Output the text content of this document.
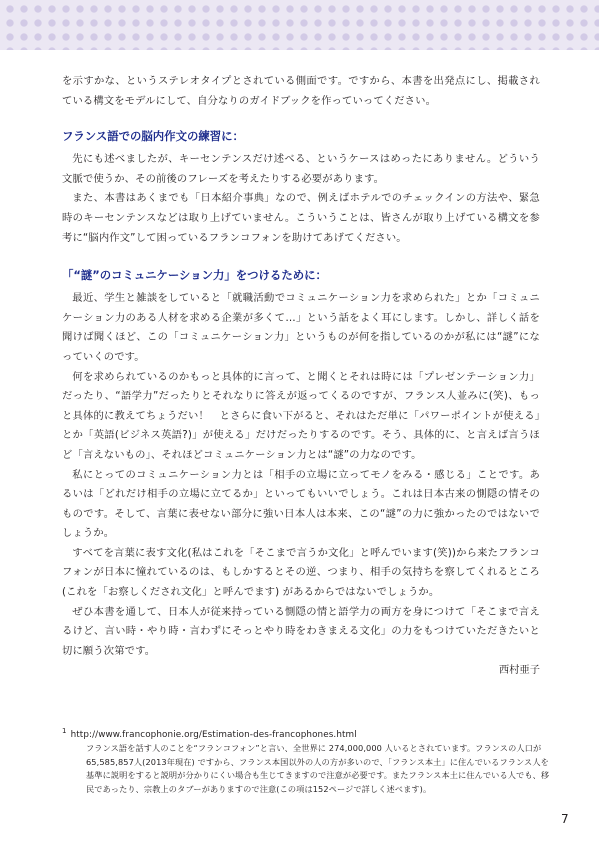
を示すかな、というステレオタイプとされている側面です。ですから、本書を出発点にし、掲載されている構文をモデルにして、自分なりのガイドブックを作っていってください。

フランス語での脳内作文の練習に：

先にも述べましたが、キーセンテンスだけ述べる、というケースはめったにありません。どういう文脈で使うか、その前後のフレーズを考えたりする必要があります。

また、本書はあくまでも「日本紹介事典」なので、例えばホテルでのチェックインの方法や、緊急時のキーセンテンスなどは取り上げていません。こういうことは、皆さんが取り上げている構文を参考に“脳内作文”して困っているフランコフォンを助けてあげてください。

「“謎”のコミュニケーション力」をつけるために：

最近、学生と雑談をしていると「就職活動でコミュニケーション力を求められた」とか「コミュニケーション力のある人材を求める企業が多くて…」という話をよく耳にします。しかし、詳しく話を聞けば聞くほど、この「コミュニケーション力」というものが何を指しているのかが私には“謎”になっていくのです。

何を求められているのかもっと具体的に言って、と聞くとそれは時には「プレゼンテーション力」だったり、“語学力”だったりとそれなりに答えが返ってくるのですが、フランス人並みに(笑)、もっと具体的に教えてちょうだい！　とさらに食い下がると、それはただ単に「パワーポイントが使える」とか「英語(ビジネス英語?)」が使える」だけだったりするのです。そう、具体的に、と言えば言うほど「言えないもの」、それほどコミュニケーション力とは“謎”の力なのです。

私にとってのコミュニケーション力とは「相手の立場に立ってモノをみる・感じる」ことです。あるいは「どれだけ相手の立場に立てるか」といってもいいでしょう。これは日本古来の惻隠の情そのものです。そして、言葉に表せない部分に強い日本人は本来、この“謎”の力に強かったのではないでしょうか。

すべてを言葉に表す文化(私はこれを「そこまで言うか文化」と呼んでいます(笑))から来たフランコフォンが日本に憧れているのは、もしかするとその逆、つまり、相手の気持ちを察してくれるところ(これを「お察しくだされ文化」と呼んでます) があるからではないでしょうか。

ぜひ本書を通して、日本人が従来持っている惻隠の情と語学力の両方を身につけて「そこまで言えるけど、言い時・やり時・言わずにそっとやり時をわきまえる文化」の力をもつけていただきたいと切に願う次第です。

西村亜子

1 http://www.francophonie.org/Estimation-des-francophones.html

フランス語を話す人のことを“フランコフォン”と言い、全世界に 274,000,000 人いるとされています。フランスの人口が 65,585,857人(2013年現在) ですから、フランス本国以外の人の方が多いので、「フランス本土」に住んでいるフランス人を基準に説明をすると説明が分かりにくい場合も生じてきますので注意が必要です。またフランス本土に住んでいる人でも、移民であったり、宗教上のタブーがありますので注意(この項は152ページで詳しく述べます)。

7
